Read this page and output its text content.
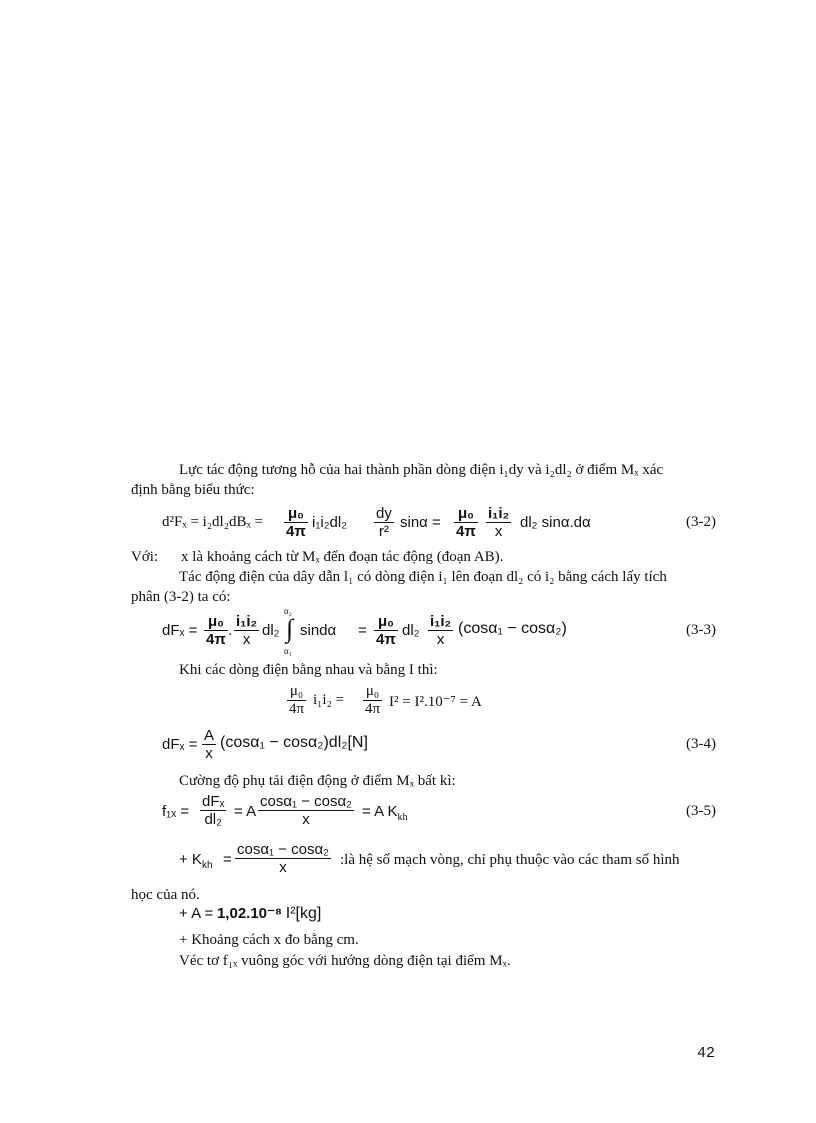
Lực tác động tương hỗ của hai thành phần dòng điện i₁dy và i₂dl₂ ở điểm Mₓ xác
định bằng biểu thức:
$d^2F_x = i_2dl_2dB_x = \frac{\text{μ₀}}{4\pi} i_1i_2dl_2 \frac{dy}{\text{r²}}$ $\sin\alpha = \frac{\text{μ₀}}{4\pi} \frac{\text{i₁i₂}}{x} dl_2$ sinα.dα	(3-2)
Với: x là khoảng cách từ Mₓ đến đoạn tác động (đoạn AB).
Tác động điện của dây dẫn l₁ có dòng điện i₁ lên đoạn dl₂ có i₂ bằng cách lấy tích
phân (3-2) ta có:
$dF_x = \frac{\text{μ₀}}{4\pi}$ . $\frac{\text{i₁i₂}}{x} dl_2$
α₂
∫
α₁
$\sin d\alpha = \frac{\text{μ₀}}{4\pi} dl_2 \frac{\text{i₁i₂}}{x} (\cos\alpha_1 - \cos\alpha_2)$	(3-3)
Khi các dòng điện bằng nhau và bằng I thì:
$\frac{\text{μ₀}}{4\pi} i_1i_2 = \frac{\text{μ₀}}{4\pi} I^2 = I^2.10^{-7} = A$
$dF_x = \frac{A}{x} (\cos\alpha_1 - \cos\alpha_2)dl_2[N]$	(3-4)
Cường độ phụ tải điện động ở điểm Mₓ bất kì:
f₁ₓ =
dFₓ
dl₂ = A $\frac{\text{cosα₁ − cosα₂}}{x} = A$ $K_{kh}$	(3-5)
+ $K_{kh} = \frac{\text{cosα₁ − cosα₂}}{x}$ :là hệ số mạch vòng, chỉ phụ thuộc vào các tham số hình
học của nó.
+ A = 1,02.10⁻⁸ I²[kg]
+ Khoảng cách x đo bằng cm.
Véc tơ f₁ₓ vuông góc với hướng dòng điện tại điểm Mₓ.
42
